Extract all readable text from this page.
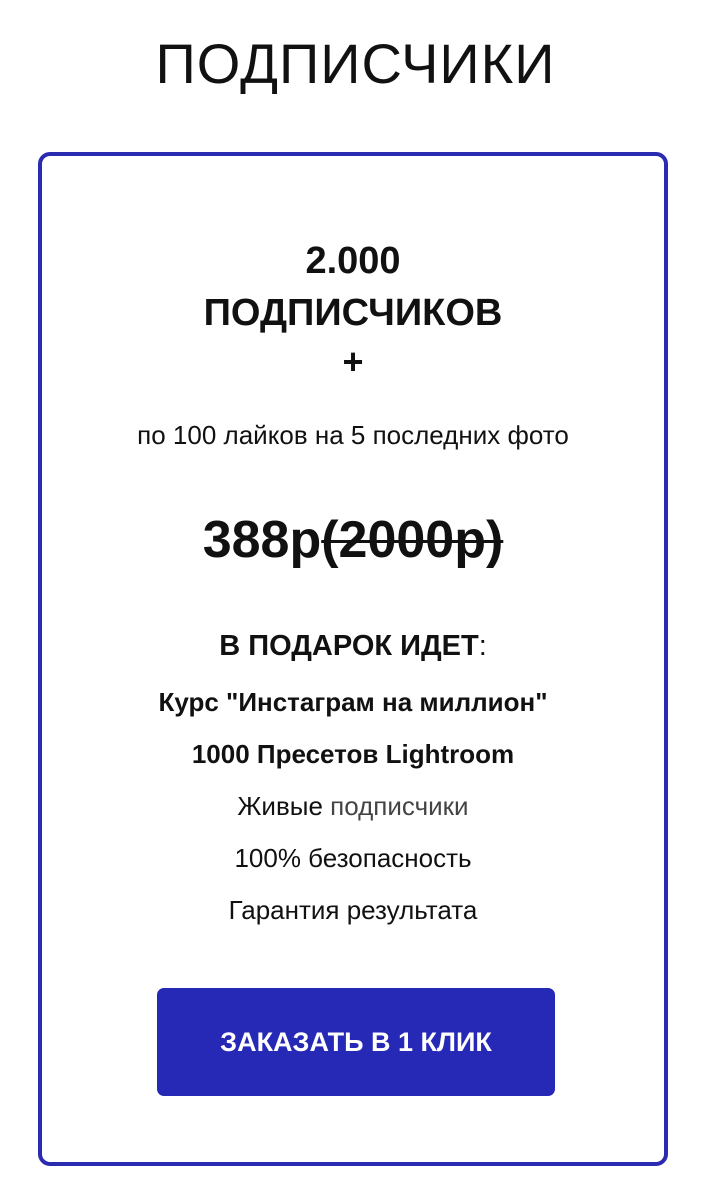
ПОДПИСЧИКИ
2.000
ПОДПИСЧИКОВ
+
по 100 лайков на 5 последних фото
388р(2000р)
В ПОДАРОК ИДЕТ:
Курс "Инстаграм на миллион"
1000 Пресетов Lightroom
Живые подписчики
100% безопасность
Гарантия результата
ЗАКАЗАТЬ В 1 КЛИК
